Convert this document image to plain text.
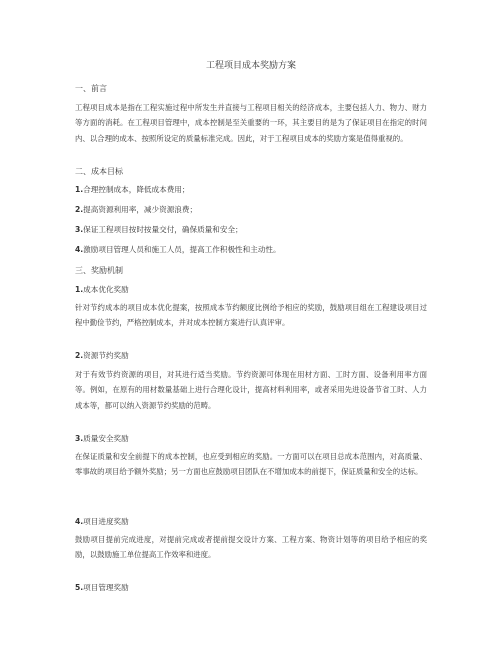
工程项目成本奖励方案
一、前言
工程项目成本是指在工程实施过程中所发生并直接与工程项目相关的经济成本，主要包括人力、物力、财力等方面的消耗。在工程项目管理中，成本控制是至关重要的一环，其主要目的是为了保证项目在指定的时间内、以合理的成本、按照所设定的质量标准完成。因此，对于工程项目成本的奖励方案是值得重视的。
二、成本目标
1.合理控制成本，降低成本费用；
2.提高资源利用率，减少资源浪费；
3.保证工程项目按时按量交付，确保质量和安全；
4.激励项目管理人员和施工人员，提高工作积极性和主动性。
三、奖励机制
1.成本优化奖励
针对节约成本的项目成本优化提案，按照成本节约额度比例给予相应的奖励，鼓励项目组在工程建设项目过程中勤俭节约，严格控制成本，并对成本控制方案进行认真评审。
2.资源节约奖励
对于有效节约资源的项目，对其进行适当奖励。节约资源可体现在用材方面、工时方面、设备利用率方面等。例如，在原有的用材数量基础上进行合理化设计，提高材料利用率，或者采用先进设备节省工时、人力成本等，都可以纳入资源节约奖励的范畴。
3.质量安全奖励
在保证质量和安全前提下的成本控制，也应受到相应的奖励。一方面可以在项目总成本范围内，对高质量、零事故的项目给予额外奖励；另一方面也应鼓励项目团队在不增加成本的前提下，保证质量和安全的达标。
4.项目进度奖励
鼓励项目提前完成进度，对提前完成或者提前提交设计方案、工程方案、物资计划等的项目给予相应的奖励，以鼓励施工单位提高工作效率和进度。
5.项目管理奖励
